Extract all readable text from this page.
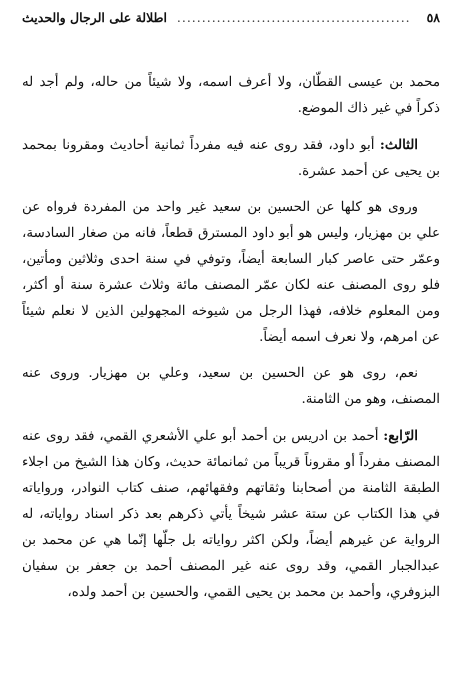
٥٨
...............................................
اطلالة على الرجال والحديث

محمد بن عيسى القطّان، ولا أعرف اسمه، ولا شيئاً من حاله، ولم أجد له ذكراً في غير ذاك الموضع.

الثالث: أبو داود، فقد روى عنه فيه مفرداً ثمانية أحاديث ومقرونا بمحمد بن يحيى عن أحمد عشرة.

وروى هو كلها عن الحسين بن سعيد غير واحد من المفردة فرواه عن علي بن مهزيار، وليس هو أبو داود المسترق قطعاً، فانه من صغار السادسة، وعمّر حتى عاصر كبار السابعة أيضاً، وتوفي في سنة احدى وثلاثين ومأتين، فلو روى المصنف عنه لكان عمّر المصنف مائة وثلاث عشرة سنة أو أكثر، ومن المعلوم خلافه، فهذا الرجل من شيوخه المجهولين الذين لا نعلم شيئاً عن امرهم، ولا نعرف اسمه أيضاً.

نعم، روى هو عن الحسين بن سعيد، وعلي بن مهزيار. وروى عنه المصنف، وهو من الثامنة.

الرّابع: أحمد بن ادريس بن أحمد أبو علي الأشعري القمي، فقد روى عنه المصنف مفرداً أو مقروناً قريباً من ثمانمائة حديث، وكان هذا الشيخ من اجلاء الطبقة الثامنة من أصحابنا وثقاتهم وفقهائهم، صنف كتاب النوادر، ورواياته في هذا الكتاب عن ستة عشر شيخاً يأتي ذكرهم بعد ذكر اسناد رواياته، له الرواية عن غيرهم أيضاً، ولكن اكثر رواياته بل جلّها إنّما هي عن محمد بن عبدالجبار القمي، وقد روى عنه غير المصنف أحمد بن جعفر بن سفيان البزوفري، وأحمد بن محمد بن يحيى القمي، والحسين بن أحمد ولده،
